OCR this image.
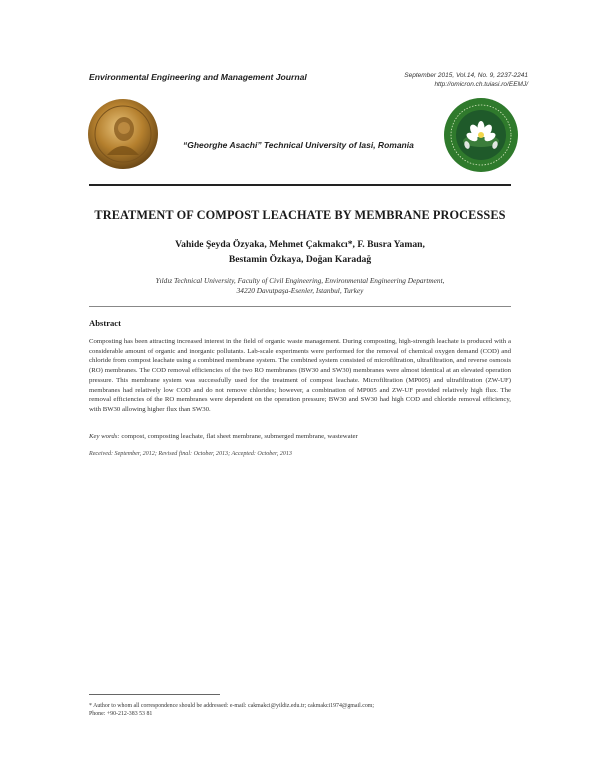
Environmental Engineering and Management Journal	September 2015, Vol.14, No. 9, 2237-2241
http://omicron.ch.tuiasi.ro/EEMJ/
“Gheorghe Asachi” Technical University of Iasi, Romania
TREATMENT OF COMPOST LEACHATE BY MEMBRANE PROCESSES
Vahide Şeyda Özyaka, Mehmet Çakmakcı*, F. Busra Yaman,
Bestamin Özkaya, Doğan Karadağ
Yıldız Technical University, Faculty of Civil Engineering, Environmental Engineering Department,
34220 Davutpaşa-Esenler, Istanbul, Turkey
Abstract
Composting has been attracting increased interest in the field of organic waste management. During composting, high-strength leachate is produced with a considerable amount of organic and inorganic pollutants. Lab-scale experiments were performed for the removal of chemical oxygen demand (COD) and chloride from compost leachate using a combined membrane system. The combined system consisted of microfiltration, ultrafiltration, and reverse osmosis (RO) membranes. The COD removal efficiencies of the two RO membranes (BW30 and SW30) membranes were almost identical at an elevated operation pressure. This membrane system was successfully used for the treatment of compost leachate. Microfiltration (MP005) and ultrafiltration (ZW-UF) membranes had relatively low COD and do not remove chlorides; however, a combination of MP005 and ZW-UF provided relatively high flux. The removal efficiencies of the RO membranes were dependent on the operation pressure; BW30 and SW30 had high COD and chloride removal efficiency, with BW30 allowing higher flux than SW30.
Key words: compost, composting leachate, flat sheet membrane, submerged membrane, wastewater
Received: September, 2012; Revised final: October, 2013; Accepted: October, 2013
* Author to whom all correspondence should be addressed: e-mail: cakmakci@yildiz.edu.tr; cakmakci1974@gmail.com;
Phone: +90-212-383 53 81
